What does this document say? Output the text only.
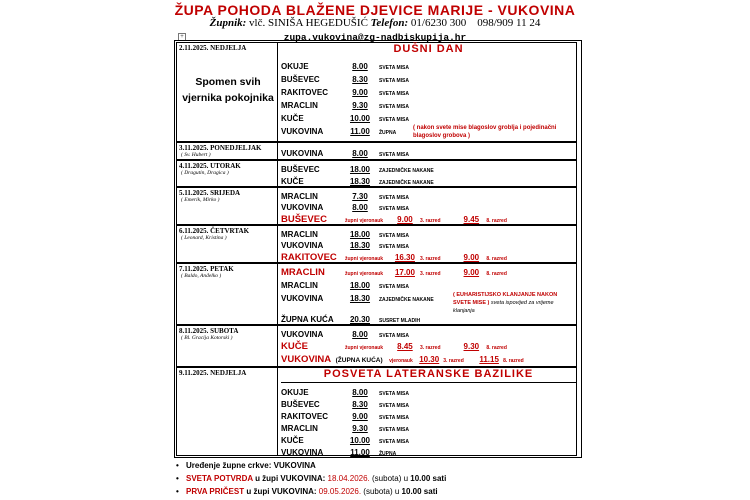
ŽUPA POHODA BLAŽENE DJEVICE MARIJE - VUKOVINA
Župnik: vlč. SINIŠA HEGEDUŠIĆ Telefon: 01/6230 300 098/909 11 24
+	zupa.vukovina@zg-nadbiskupija.hr
2.11.2025. NEDJELJA
Spomen svih vjernika pokojnika
DUŠNI DAN
OKUJE	8.00 SVETA MISA
BUŠEVEC	8.30 SVETA MISA
RAKITOVEC	9.00 SVETA MISA
MRACLIN	9.30 SVETA MISA
KUČE	10.00 SVETA MISA
VUKOVINA	11.00 ŽUPNA
( nakon svete mise blagoslov groblja i pojedinačni blagoslov grobova )
3.11.2025. PONEDJELJAK
( Sv. Hubert )	VUKOVINA	8.00 SVETA MISA
4.11.2025. UTORAK
( Dragutin, Dragica )	BUŠEVEC	18.00 ZAJEDNIČKE NAKANE
KUČE	18.30 ZAJEDNIČKE NAKANE
5.11.2025. SRIJEDA
( Emerik, Mirko )	MRACLIN	7.30 SVETA MISA
VUKOVINA	8.00 SVETA MISA
BUŠEVEC	župni vjeronauk 9.00 3. razred	9.45 8. razred
6.11.2025. ČETVRTAK
( Leonard, Kristina )	MRACLIN	18.00 SVETA MISA
VUKOVINA	18.30 SVETA MISA
RAKITOVEC župni vjeronauk 16.30 3. razred	9.00 8. razred
7.11.2025. PETAK
( Baldo, Anđelko )	MRACLIN	župni vjeronauk 17.00 3. razred	9.00 8. razred
MRACLIN	18.00 SVETA MISA
VUKOVINA	18.30 ZAJEDNIČKE NAKANE
( EUHARISTIJSKO KLANJANJE NAKON SVETE MISE ) sveta ispovijed za vrijeme klanjanja
ŽUPNA KUĆA 20.30 SUSRET MLADIH
8.11.2025. SUBOTA
( Bl. Gracija Kotorski )	VUKOVINA	8.00 SVETA MISA
KUČE	župni vjeronauk 8.45 3. razred	9.30 8. razred
VUKOVINA (ŽUPNA KUĆA) vjeronauk 10.30 3. razred 11.15 8. razred
9.11.2025. NEDJELJA	POSVETA LATERANSKE BAZILIKE
OKUJE	8.00 SVETA MISA
BUŠEVEC	8.30 SVETA MISA
RAKITOVEC	9.00 SVETA MISA
MRACLIN	9.30 SVETA MISA
KUČE	10.00 SVETA MISA
VUKOVINA	11.00 ŽUPNA
• Uređenje župne crkve: VUKOVINA
• SVETA POTVRDA u župi VUKOVINA: 18.04.2026. (subota) u 10.00 sati
• PRVA PRIČEST u župi VUKOVINA: 09.05.2026. (subota) u 10.00 sati
